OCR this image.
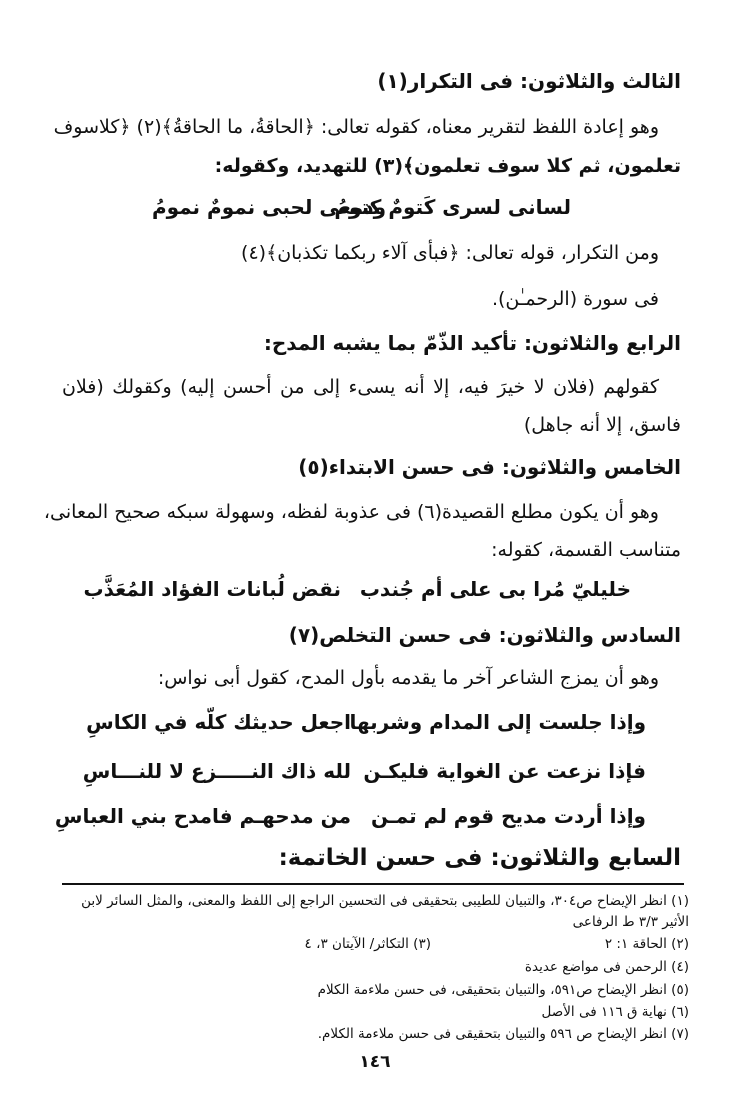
الثالث والثلاثون: فى التكرار(١)
وهو إعادة اللفظ لتقرير معناه، كقوله تعالى: ﴿الحاقةُ، ما الحاقةُ﴾(٢) ﴿كلاسوف
تعلمون، ثم كلا سوف تعلمون﴾(٣) للتهديد، وكقوله:
لسانى لسرى كَتومٌ كتومُ
ودمعى لحبى نمومٌ نمومُ
ومن التكرار، قوله تعالى: ﴿فبأى آلاء ربكما تكذبان﴾(٤)
فى سورة (الرحمـٰن).
الرابع والثلاثون: تأكيد الذّمّ بما يشبه المدح:
كقولهم (فلان لا خيرَ فيه، إلا أنه يسىء إلى من أحسن إليه) وكقولك (فلان
فاسق، إلا أنه جاهل)
الخامس والثلاثون: فى حسن الابتداء(٥)
وهو أن يكون مطلع القصيدة(٦) فى عذوبة لفظه، وسهولة سبكه صحيح المعانى،
متناسب القسمة، كقوله:
خليليّ مُرا بى على أم جُندب
نقض لُبانات الفؤاد المُعَذَّب
السادس والثلاثون: فى حسن التخلص(٧)
وهو أن يمزج الشاعر آخر ما يقدمه بأول المدح، كقول أبى نواس:
وإذا جلست إلى المدام وشربها
اجعل حديثك كلّه في الكاسِ
فإذا نزعت عن الغواية فليكـن
لله ذاك النـــــزع لا للنـــاسِ
وإذا أردت مديح قوم لم تمـن
من مدحهـم فامدح بني العباسِ
السابع والثلاثون: فى حسن الخاتمة:
(١) انظر الإيضاح ص٣٠٤، والتبيان للطيبى بتحقيقى فى التحسين الراجع إلى اللفظ والمعنى، والمثل السائر لابن
الأثير ٣/٣ ط الرفاعى
(٢) الحاقة ١: ٢
(٣) التكاثر/ الآيتان ٣، ٤
(٤) الرحمن فى مواضع عديدة
(٥) انظر الإيضاح ص٥٩١، والتبيان بتحقيقى، فى حسن ملاءمة الكلام
(٦) نهاية ق ١١٦ فى الأصل
(٧) انظر الإيضاح ص ٥٩٦ والتبيان بتحقيقى فى حسن ملاءمة الكلام.
١٤٦
